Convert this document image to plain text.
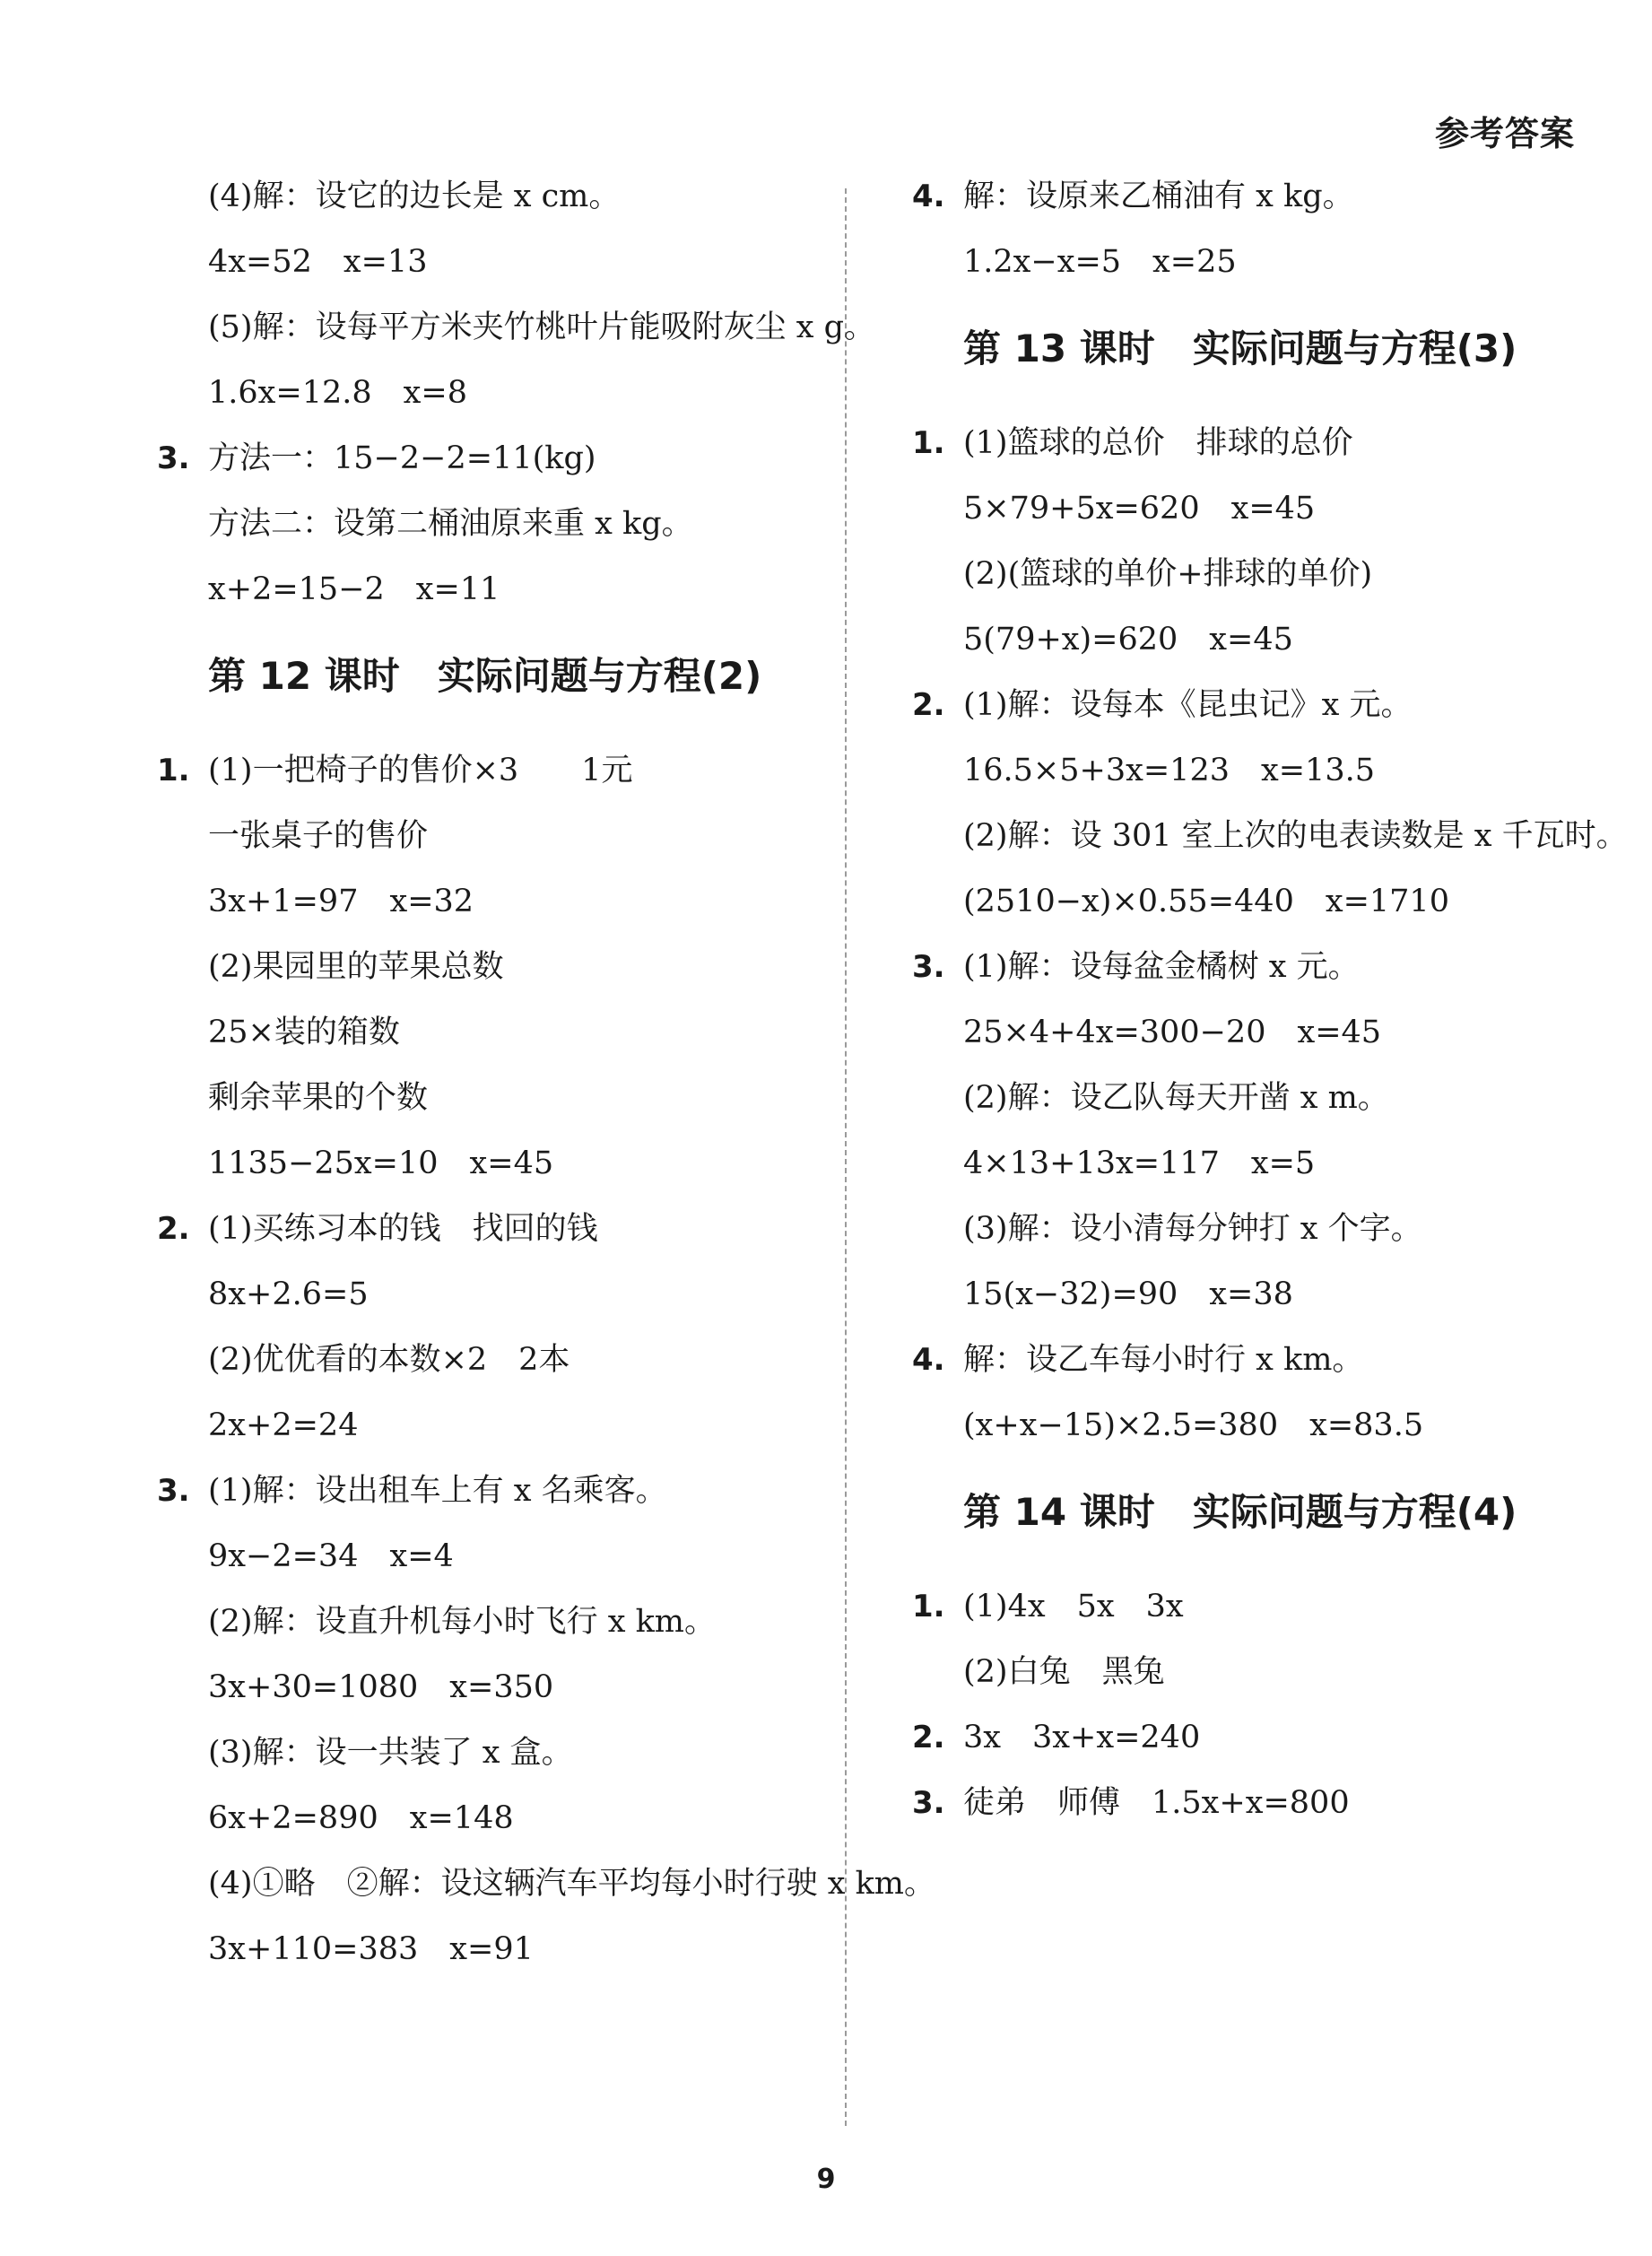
参考答案
(4)解：设它的边长是 x cm。
4x=52　x=13
(5)解：设每平方米夹竹桃叶片能吸附灰尘 x g。
1.6x=12.8　x=8
3. 方法一：15−2−2=11(kg)
方法二：设第二桶油原来重 x kg。
x+2=15−2　x=11
第 12 课时　实际问题与方程(2)
1. (1)一把椅子的售价×3　　1元
一张桌子的售价
3x+1=97　x=32
(2)果园里的苹果总数
25×装的箱数
剩余苹果的个数
1135−25x=10　x=45
2. (1)买练习本的钱　找回的钱
8x+2.6=5
(2)优优看的本数×2　2本
2x+2=24
3. (1)解：设出租车上有 x 名乘客。
9x−2=34　x=4
(2)解：设直升机每小时飞行 x km。
3x+30=1080　x=350
(3)解：设一共装了 x 盒。
6x+2=890　x=148
(4)①略　②解：设这辆汽车平均每小时行驶 x km。
3x+110=383　x=91
4. 解：设原来乙桶油有 x kg。
1.2x−x=5　x=25
第 13 课时　实际问题与方程(3)
1. (1)篮球的总价　排球的总价
5×79+5x=620　x=45
(2)(篮球的单价+排球的单价)
5(79+x)=620　x=45
2. (1)解：设每本《昆虫记》x 元。
16.5×5+3x=123　x=13.5
(2)解：设 301 室上次的电表读数是 x 千瓦时。
(2510−x)×0.55=440　x=1710
3. (1)解：设每盆金橘树 x 元。
25×4+4x=300−20　x=45
(2)解：设乙队每天开凿 x m。
4×13+13x=117　x=5
(3)解：设小清每分钟打 x 个字。
15(x−32)=90　x=38
4. 解：设乙车每小时行 x km。
(x+x−15)×2.5=380　x=83.5
第 14 课时　实际问题与方程(4)
1. (1)4x　5x　3x
(2)白兔　黑兔
2. 3x　3x+x=240
3. 徒弟　师傅　1.5x+x=800
9
